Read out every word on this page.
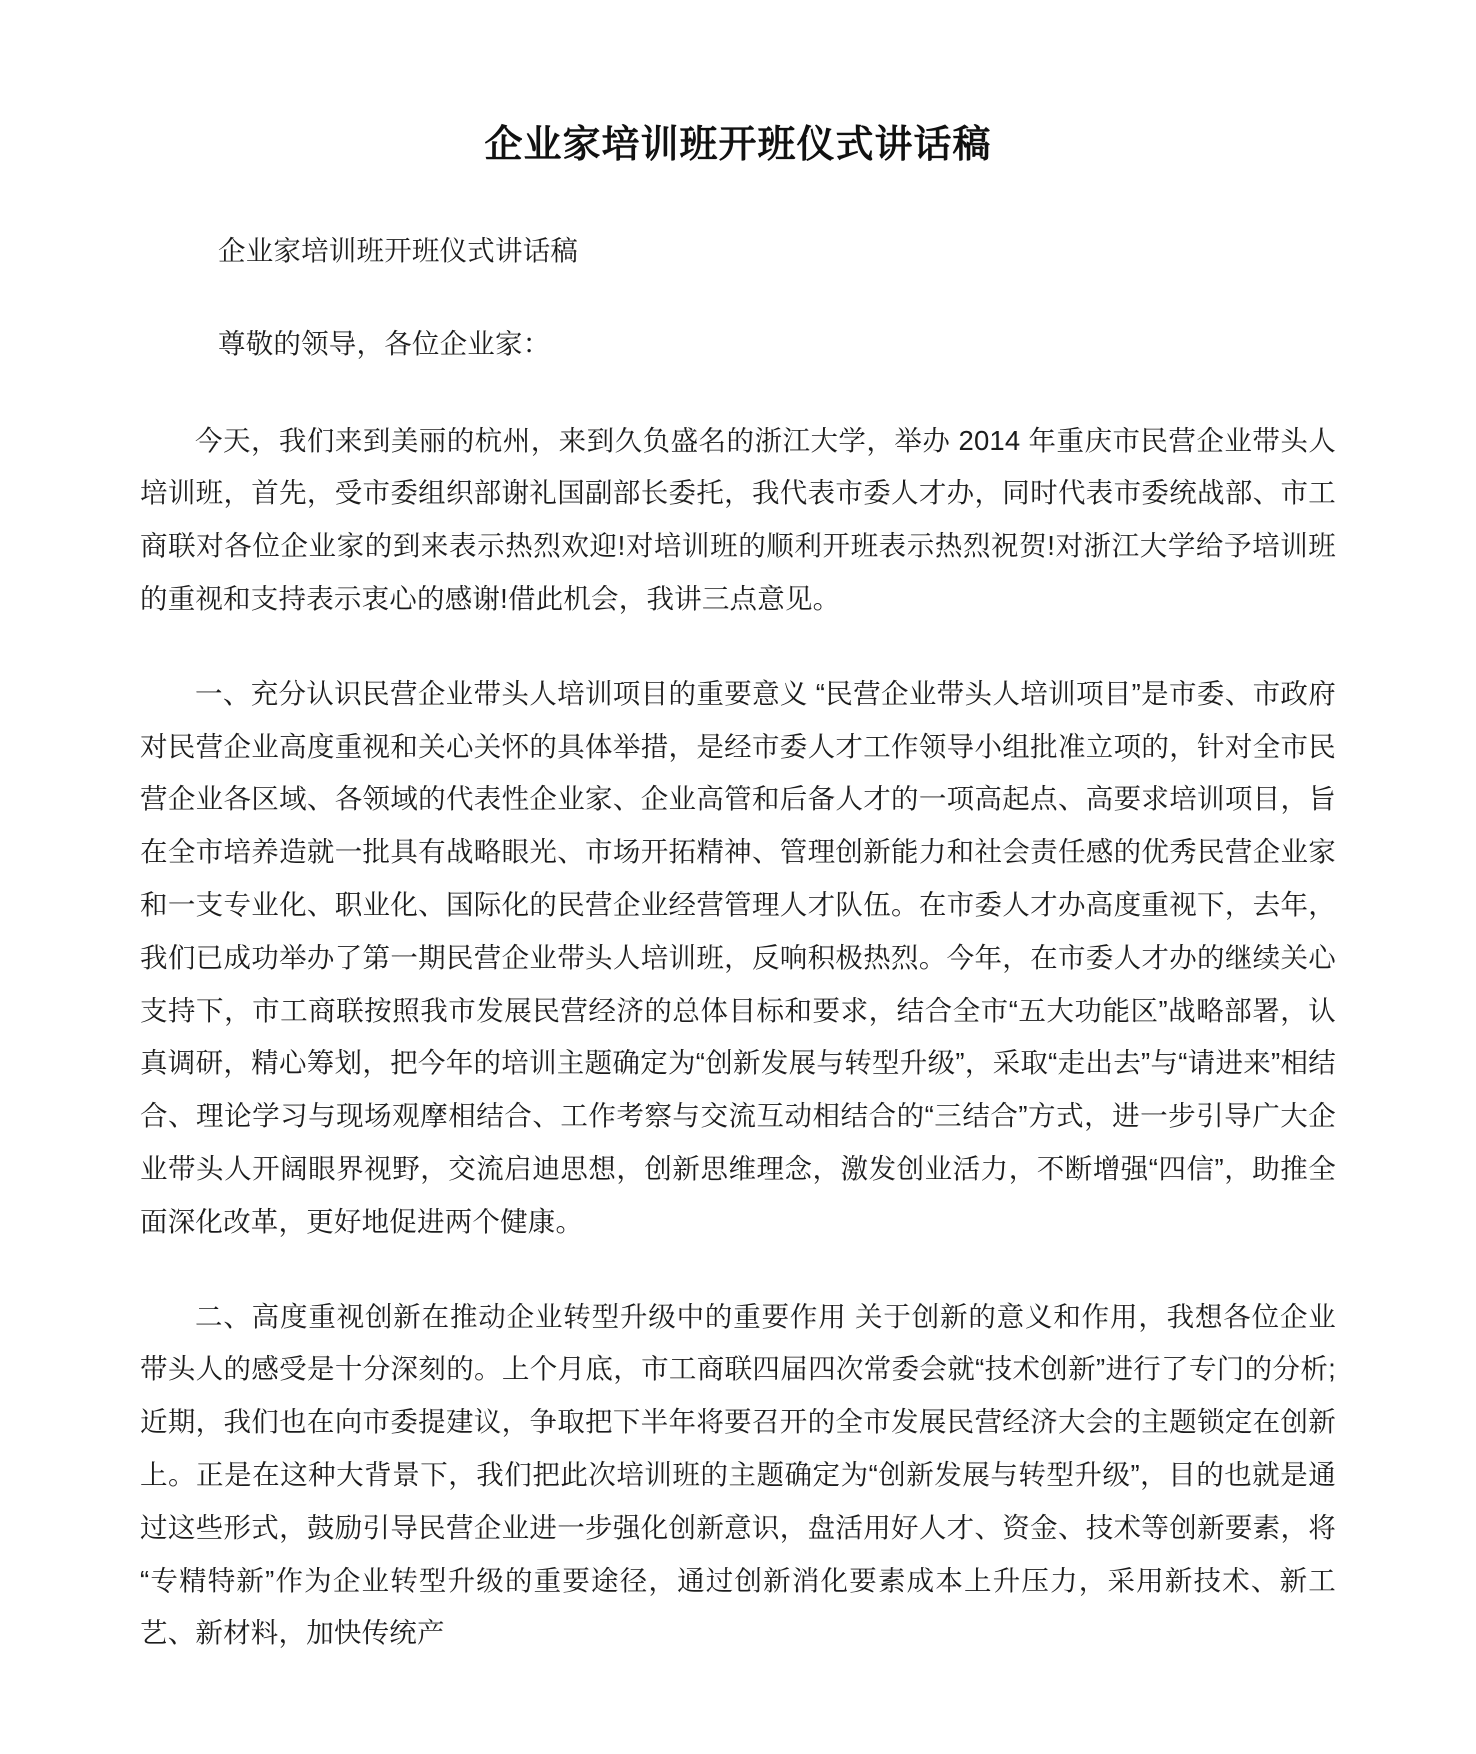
企业家培训班开班仪式讲话稿

企业家培训班开班仪式讲话稿

尊敬的领导，各位企业家：

今天，我们来到美丽的杭州，来到久负盛名的浙江大学，举办 2014 年重庆市民营企业带头人培训班，首先，受市委组织部谢礼国副部长委托，我代表市委人才办，同时代表市委统战部、市工商联对各位企业家的到来表示热烈欢迎!对培训班的顺利开班表示热烈祝贺!对浙江大学给予培训班的重视和支持表示衷心的感谢!借此机会，我讲三点意见。

一、充分认识民营企业带头人培训项目的重要意义 “民营企业带头人培训项目”是市委、市政府对民营企业高度重视和关心关怀的具体举措，是经市委人才工作领导小组批准立项的，针对全市民营企业各区域、各领域的代表性企业家、企业高管和后备人才的一项高起点、高要求培训项目，旨在全市培养造就一批具有战略眼光、市场开拓精神、管理创新能力和社会责任感的优秀民营企业家和一支专业化、职业化、国际化的民营企业经营管理人才队伍。在市委人才办高度重视下，去年，我们已成功举办了第一期民营企业带头人培训班，反响积极热烈。今年，在市委人才办的继续关心支持下，市工商联按照我市发展民营经济的总体目标和要求，结合全市“五大功能区”战略部署，认真调研，精心筹划，把今年的培训主题确定为“创新发展与转型升级”，采取“走出去”与“请进来”相结合、理论学习与现场观摩相结合、工作考察与交流互动相结合的“三结合”方式，进一步引导广大企业带头人开阔眼界视野，交流启迪思想，创新思维理念，激发创业活力，不断增强“四信”，助推全面深化改革，更好地促进两个健康。

二、高度重视创新在推动企业转型升级中的重要作用 关于创新的意义和作用，我想各位企业带头人的感受是十分深刻的。上个月底，市工商联四届四次常委会就“技术创新”进行了专门的分析;近期，我们也在向市委提建议，争取把下半年将要召开的全市发展民营经济大会的主题锁定在创新上。正是在这种大背景下，我们把此次培训班的主题确定为“创新发展与转型升级”，目的也就是通过这些形式，鼓励引导民营企业进一步强化创新意识，盘活用好人才、资金、技术等创新要素，将“专精特新”作为企业转型升级的重要途径，通过创新消化要素成本上升压力，采用新技术、新工艺、新材料，加快传统产
